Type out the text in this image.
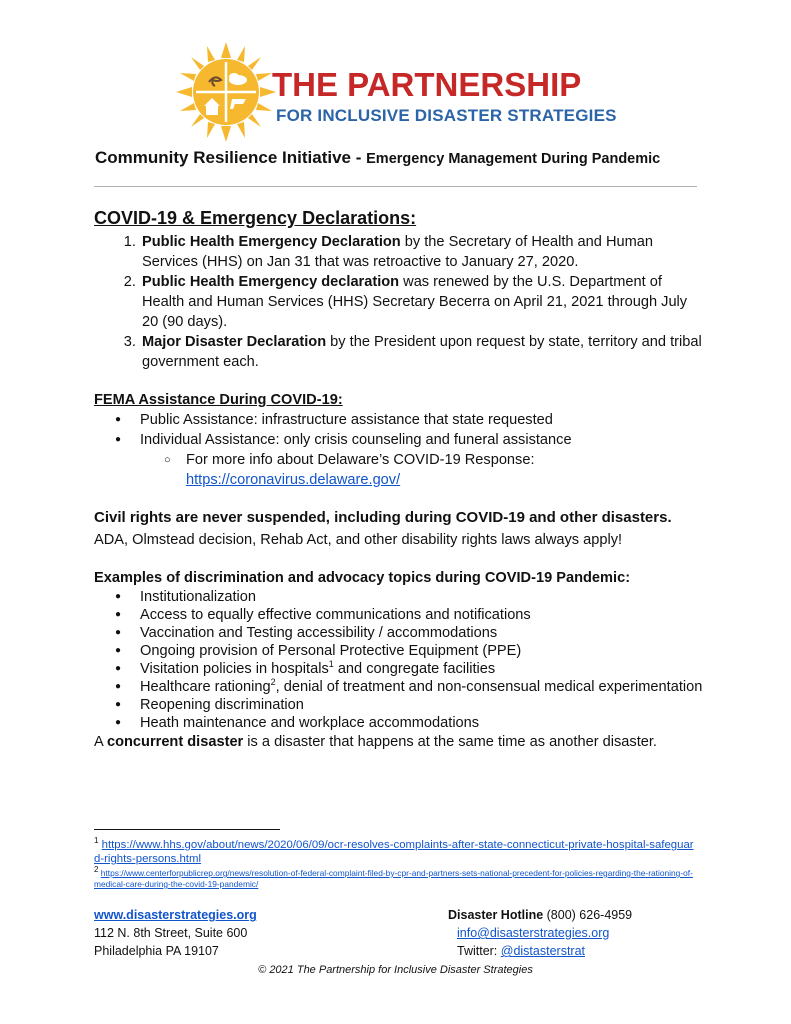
THE PARTNERSHIP
FOR INCLUSIVE DISASTER STRATEGIES
Community Resilience Initiative - Emergency Management During Pandemic
COVID-19 & Emergency Declarations:
1. Public Health Emergency Declaration by the Secretary of Health and Human Services (HHS) on Jan 31 that was retroactive to January 27, 2020.
2. Public Health Emergency declaration was renewed by the U.S. Department of Health and Human Services (HHS) Secretary Becerra on April 21, 2021 through July 20 (90 days).
3. Major Disaster Declaration by the President upon request by state, territory and tribal government each.
FEMA Assistance During COVID-19:
● Public Assistance: infrastructure assistance that state requested
● Individual Assistance: only crisis counseling and funeral assistance
○ For more info about Delaware’s COVID-19 Response:
https://coronavirus.delaware.gov/
Civil rights are never suspended, including during COVID-19 and other disasters.
ADA, Olmstead decision, Rehab Act, and other disability rights laws always apply!
Examples of discrimination and advocacy topics during COVID-19 Pandemic:
● Institutionalization
● Access to equally effective communications and notifications
● Vaccination and Testing accessibility / accommodations
● Ongoing provision of Personal Protective Equipment (PPE)
● Visitation policies in hospitals$^1$ and congregate facilities
● Healthcare rationing$^2$, denial of treatment and non-consensual medical experimentation
● Reopening discrimination
● Heath maintenance and workplace accommodations
A concurrent disaster is a disaster that happens at the same time as another disaster.
$^1$ https://www.hhs.gov/about/news/2020/06/09/ocr-resolves-complaints-after-state-connecticut-private-hospital-safeguard-rights-persons.html
$^2$ https://www.centerforpublicrep.org/news/resolution-of-federal-complaint-filed-by-cpr-and-partners-sets-national-precedent-for-policies-regarding-the-rationing-of-medical-care-during-the-covid-19-pandemic/
www.disasterstrategies.org
112 N. 8th Street, Suite 600
Philadelphia PA 19107
Disaster Hotline (800) 626-4959
info@disasterstrategies.org
Twitter: @distasterstrat
© 2021 The Partnership for Inclusive Disaster Strategies
